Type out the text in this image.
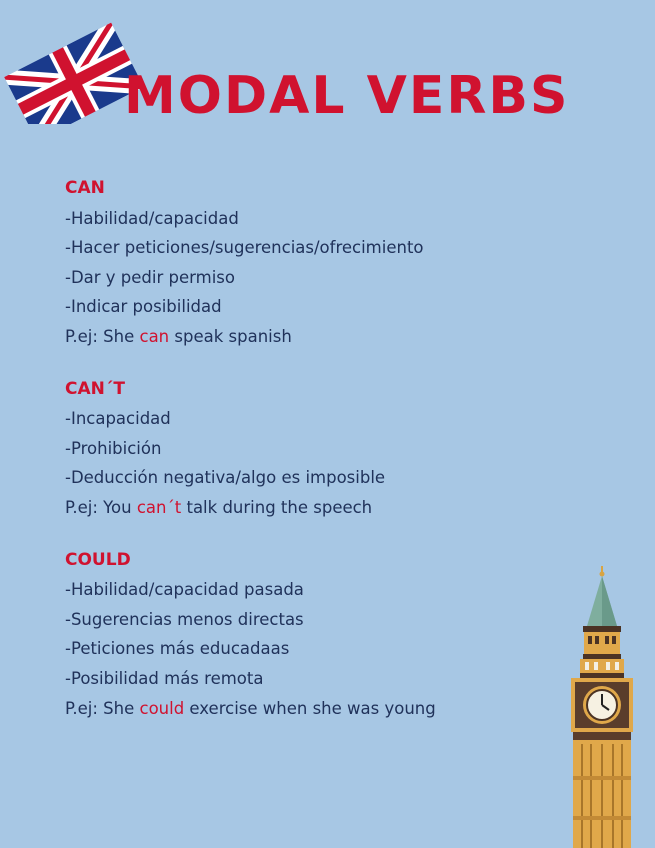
MODAL VERBS
CAN
-Habilidad/capacidad
-Hacer peticiones/sugerencias/ofrecimiento
-Dar y pedir permiso
-Indicar posibilidad
P.ej: She can speak spanish
CAN´T
-Incapacidad
-Prohibición
-Deducción negativa/algo es imposible
P.ej: You can´t talk during the speech
COULD
-Habilidad/capacidad pasada
-Sugerencias menos directas
-Peticiones más educadaas
-Posibilidad más remota
P.ej: She could exercise when she was young
